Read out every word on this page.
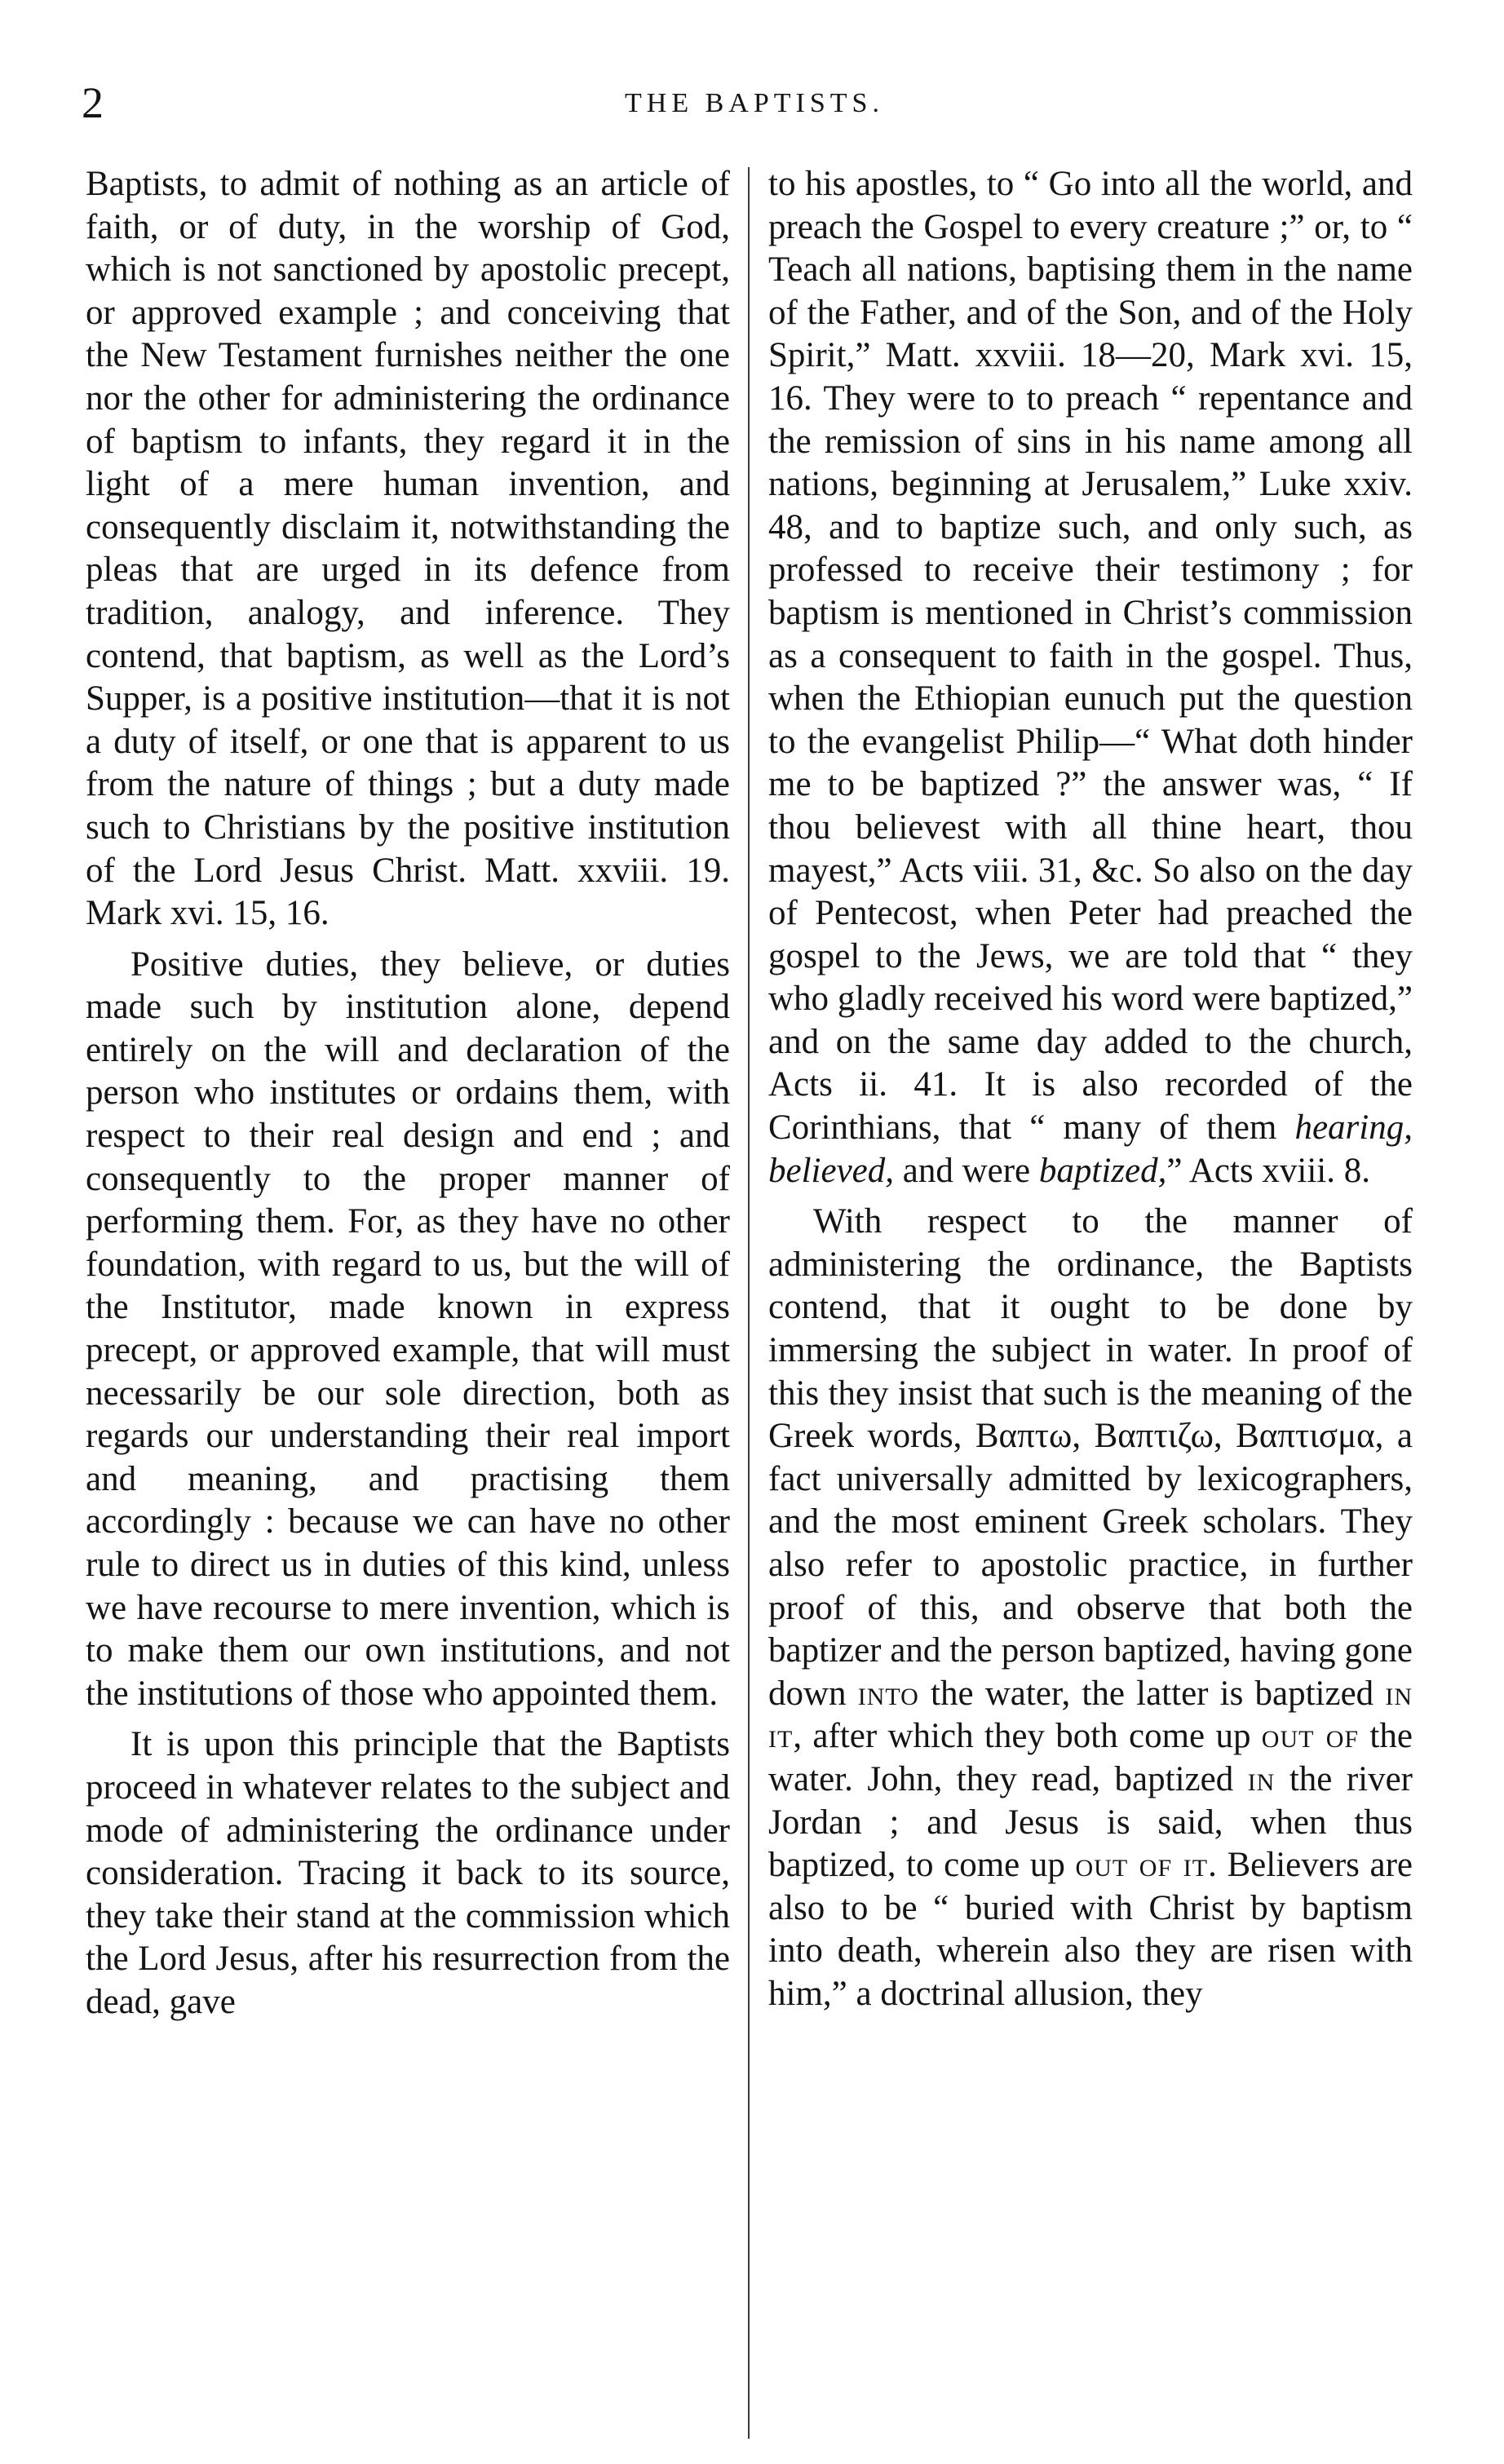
2	THE BAPTISTS.

Baptists, to admit of nothing as an article of faith, or of duty, in the worship of God, which is not sanctioned by apostolic precept, or approved example ; and conceiving that the New Testament furnishes neither the one nor the other for administering the ordinance of baptism to infants, they regard it in the light of a mere human invention, and consequently disclaim it, notwithstanding the pleas that are urged in its defence from tradition, analogy, and inference. They contend, that baptism, as well as the Lord’s Supper, is a positive institution—that it is not a duty of itself, or one that is apparent to us from the nature of things ; but a duty made such to Christians by the positive institution of the Lord Jesus Christ. Matt. xxviii. 19. Mark xvi. 15, 16.

Positive duties, they believe, or duties made such by institution alone, depend entirely on the will and declaration of the person who institutes or ordains them, with respect to their real design and end ; and consequently to the proper manner of performing them. For, as they have no other foundation, with regard to us, but the will of the Institutor, made known in express precept, or approved example, that will must necessarily be our sole direction, both as regards our understanding their real import and meaning, and practising them accordingly : because we can have no other rule to direct us in duties of this kind, unless we have recourse to mere invention, which is to make them our own institutions, and not the institutions of those who appointed them.

It is upon this principle that the Baptists proceed in whatever relates to the subject and mode of administering the ordinance under consideration. Tracing it back to its source, they take their stand at the commission which the Lord Jesus, after his resurrection from the dead, gave

to his apostles, to “ Go into all the world, and preach the Gospel to every creature ;” or, to “ Teach all nations, baptising them in the name of the Father, and of the Son, and of the Holy Spirit,” Matt. xxviii. 18—20, Mark xvi. 15, 16. They were to to preach “ repentance and the remission of sins in his name among all nations, beginning at Jerusalem,” Luke xxiv. 48, and to baptize such, and only such, as professed to receive their testimony ; for baptism is mentioned in Christ’s commission as a consequent to faith in the gospel. Thus, when the Ethiopian eunuch put the question to the evangelist Philip—“ What doth hinder me to be baptized ?” the answer was, “ If thou believest with all thine heart, thou mayest,” Acts viii. 31, &c. So also on the day of Pentecost, when Peter had preached the gospel to the Jews, we are told that “ they who gladly received his word were baptized,” and on the same day added to the church, Acts ii. 41. It is also recorded of the Corinthians, that “ many of them hearing, believed, and were baptized,” Acts xviii. 8.

With respect to the manner of administering the ordinance, the Baptists contend, that it ought to be done by immersing the subject in water. In proof of this they insist that such is the meaning of the Greek words, Βαπτω, Βαπτιζω, Βαπτισμα, a fact universally admitted by lexicographers, and the most eminent Greek scholars. They also refer to apostolic practice, in further proof of this, and observe that both the baptizer and the person baptized, having gone down into the water, the latter is baptized in it, after which they both come up out of the water. John, they read, baptized in the river Jordan ; and Jesus is said, when thus baptized, to come up out of it. Believers are also to be “ buried with Christ by baptism into death, wherein also they are risen with him,” a doctrinal allusion, they
